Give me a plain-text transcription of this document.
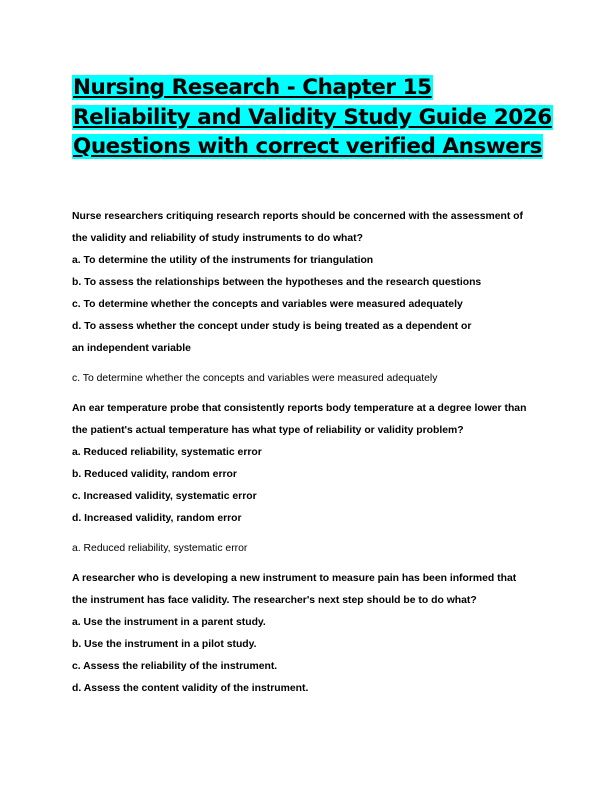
Nursing Research - Chapter 15 Reliability and Validity Study Guide 2026 Questions with correct verified Answers
Nurse researchers critiquing research reports should be concerned with the assessment of
the validity and reliability of study instruments to do what?
a. To determine the utility of the instruments for triangulation
b. To assess the relationships between the hypotheses and the research questions
c. To determine whether the concepts and variables were measured adequately
d. To assess whether the concept under study is being treated as a dependent or
an independent variable
c. To determine whether the concepts and variables were measured adequately
An ear temperature probe that consistently reports body temperature at a degree lower than
the patient's actual temperature has what type of reliability or validity problem?
a. Reduced reliability, systematic error
b. Reduced validity, random error
c. Increased validity, systematic error
d. Increased validity, random error
a. Reduced reliability, systematic error
A researcher who is developing a new instrument to measure pain has been informed that
the instrument has face validity. The researcher's next step should be to do what?
a. Use the instrument in a parent study.
b. Use the instrument in a pilot study.
c. Assess the reliability of the instrument.
d. Assess the content validity of the instrument.
